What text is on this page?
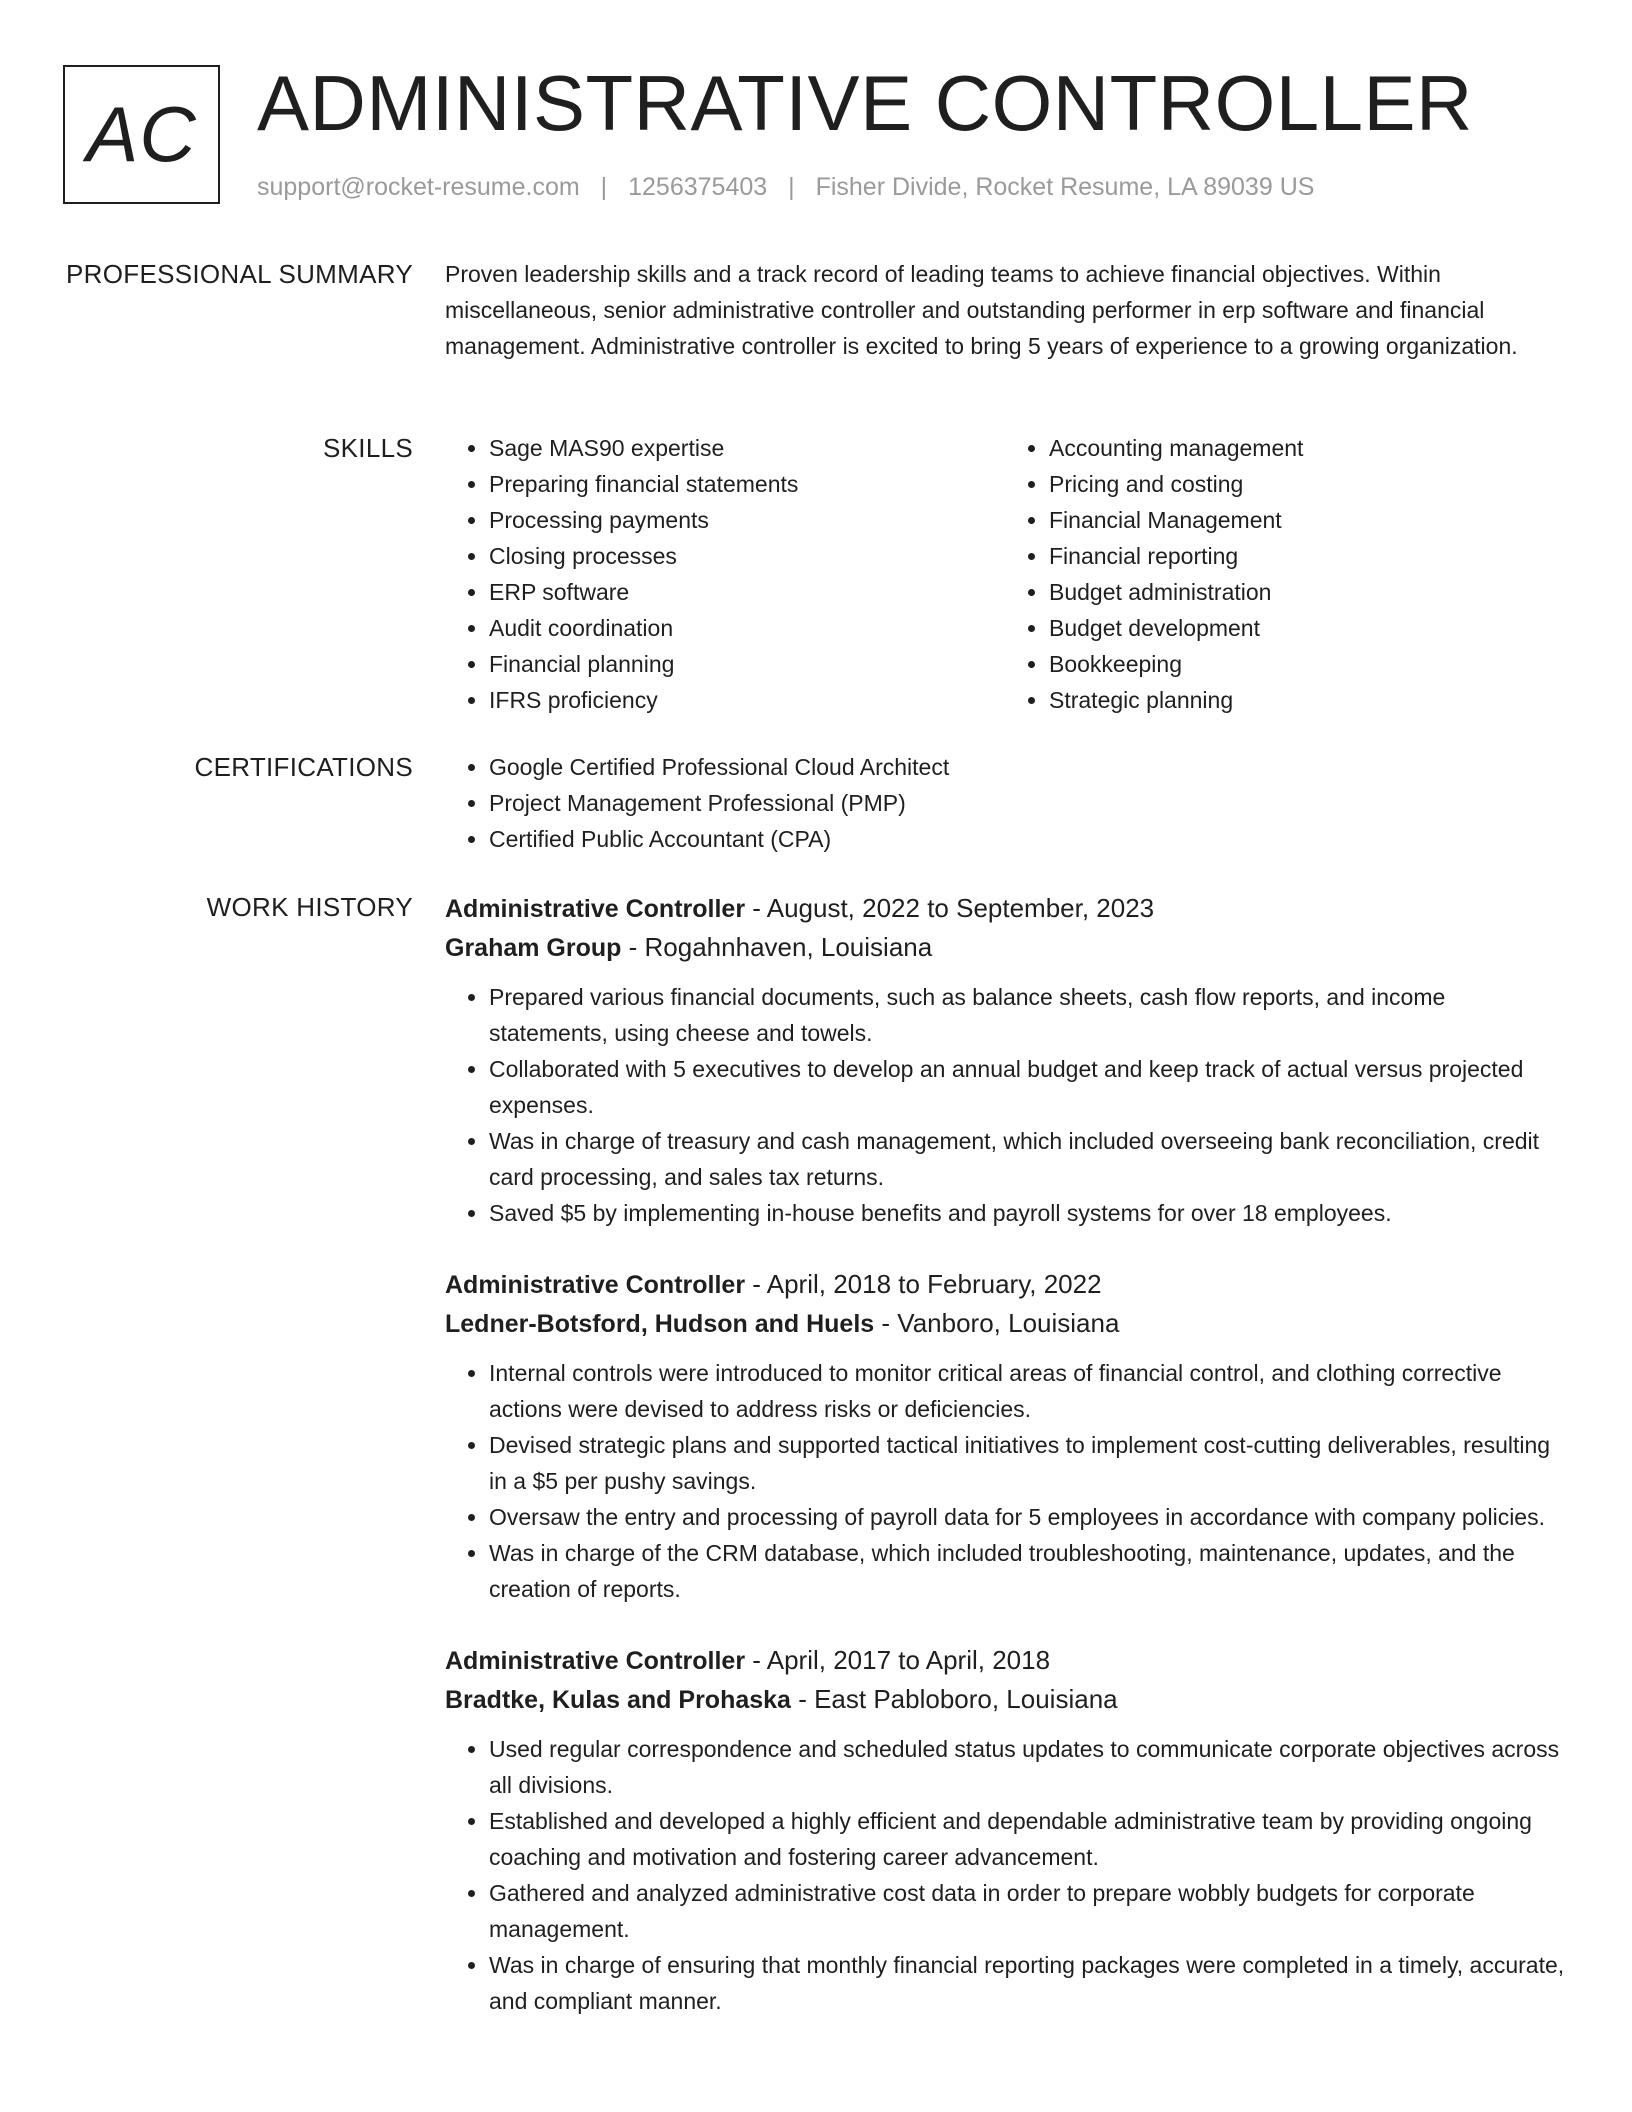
AC ADMINISTRATIVE CONTROLLER
support@rocket-resume.com | 1256375403 | Fisher Divide, Rocket Resume, LA 89039 US
PROFESSIONAL SUMMARY Proven leadership skills and a track record of leading teams to achieve financial objectives. Within miscellaneous, senior administrative controller and outstanding performer in erp software and financial management. Administrative controller is excited to bring 5 years of experience to a growing organization.

SKILLS	• Sage MAS90 expertise
• Preparing financial statements
• Processing payments
• Closing processes
• ERP software
• Audit coordination
• Financial planning
• IFRS proficiency
• Accounting management
• Pricing and costing
• Financial Management
• Financial reporting
• Budget administration
• Budget development
• Bookkeeping
• Strategic planning
CERTIFICATIONS	• Google Certified Professional Cloud Architect
• Project Management Professional (PMP)
• Certified Public Accountant (CPA)
WORK HISTORY Administrative Controller - August, 2022 to September, 2023
Graham Group - Rogahnhaven, Louisiana
• Prepared various financial documents, such as balance sheets, cash flow reports, and income statements, using cheese and towels.
• Collaborated with 5 executives to develop an annual budget and keep track of actual versus projected expenses.
• Was in charge of treasury and cash management, which included overseeing bank reconciliation, credit card processing, and sales tax returns.
• Saved $5 by implementing in-house benefits and payroll systems for over 18 employees.
Administrative Controller - April, 2018 to February, 2022
Ledner-Botsford, Hudson and Huels - Vanboro, Louisiana
• Internal controls were introduced to monitor critical areas of financial control, and clothing corrective actions were devised to address risks or deficiencies.
• Devised strategic plans and supported tactical initiatives to implement cost-cutting deliverables, resulting in a $5 per pushy savings.
• Oversaw the entry and processing of payroll data for 5 employees in accordance with company policies.
• Was in charge of the CRM database, which included troubleshooting, maintenance, updates, and the creation of reports.
Administrative Controller - April, 2017 to April, 2018
Bradtke, Kulas and Prohaska - East Pabloboro, Louisiana
• Used regular correspondence and scheduled status updates to communicate corporate objectives across all divisions.
• Established and developed a highly efficient and dependable administrative team by providing ongoing coaching and motivation and fostering career advancement.
• Gathered and analyzed administrative cost data in order to prepare wobbly budgets for corporate management.
• Was in charge of ensuring that monthly financial reporting packages were completed in a timely, accurate, and compliant manner.
